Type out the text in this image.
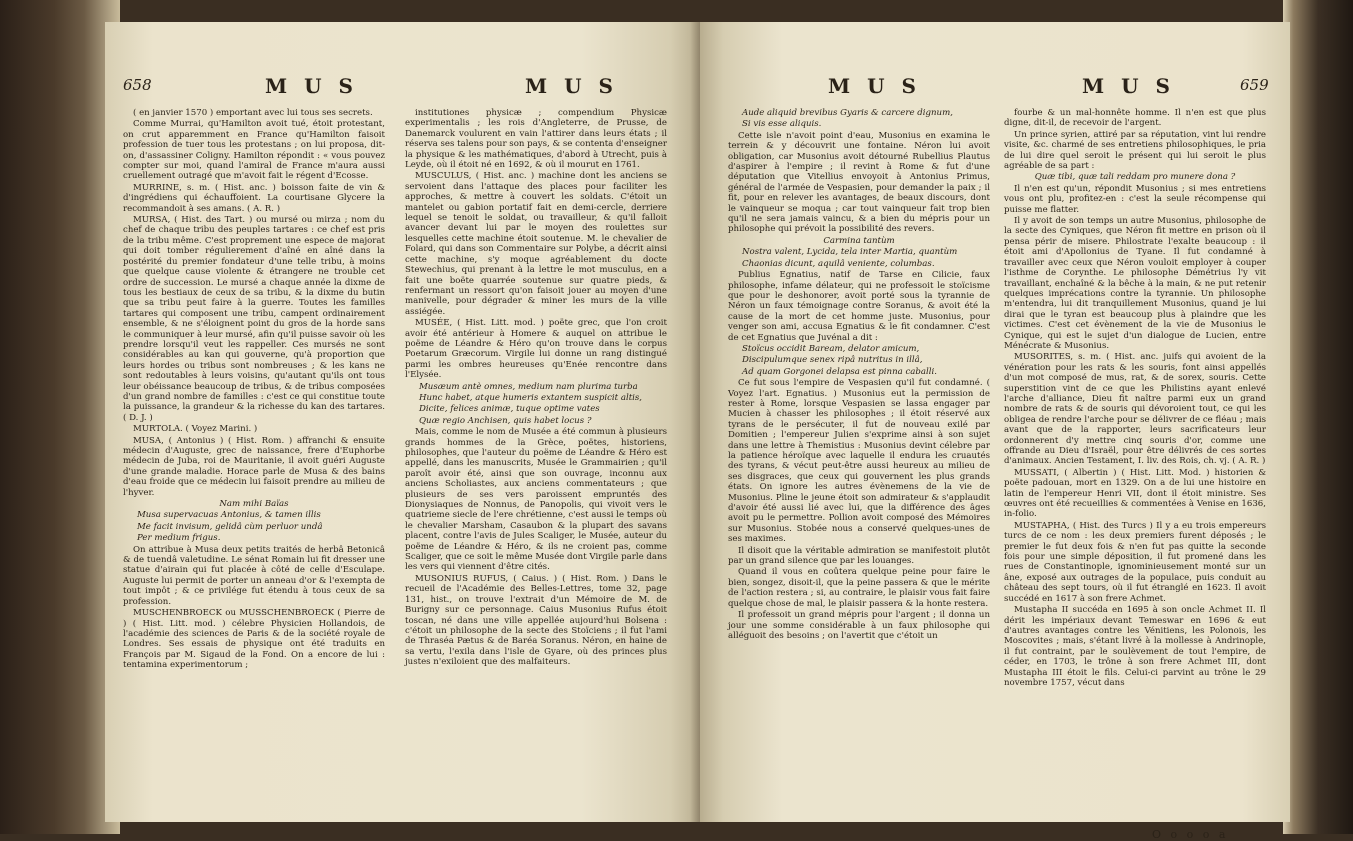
658	M U S	M U S

( en janvier 1570 ) emportant avec lui tous ses secrets.

Comme Murrai, qu'Hamilton avoit tué, étoit protestant, on crut apparemment en France qu'Hamilton faisoit profession de tuer tous les protestans ; on lui proposa, dit-on, d'assassiner Coligny. Hamilton répondit : « vous pouvez compter sur moi, quand l'amiral de France m'aura aussi cruellement outragé que m'avoit fait le régent d'Ecosse.

MURRINE, s. m. ( Hist. anc. ) boisson faite de vin & d'ingrédiens qui échauffoient. La courtisane Glycere la recommandoit à ses amans. ( A. R. )

MURSA, ( Hist. des Tart. ) ou mursé ou mirza ; nom du chef de chaque tribu des peuples tartares : ce chef est pris de la tribu même. C'est proprement une espece de majorat qui doit tomber régulierement d'aîné en aîné dans la postérité du premier fondateur d'une telle tribu, à moins que quelque cause violente & étrangere ne trouble cet ordre de succession. Le mursé a chaque année la dixme de tous les bestiaux de ceux de sa tribu, & la dixme du butin que sa tribu peut faire à la guerre. Toutes les familles tartares qui composent une tribu, campent ordinairement ensemble, & ne s'éloignent point du gros de la horde sans le communiquer à leur mursé, afin qu'il puisse savoir où les prendre lorsqu'il veut les rappeller. Ces mursés ne sont considérables au kan qui gouverne, qu'à proportion que leurs hordes ou tribus sont nombreuses ; & les kans ne sont redoutables à leurs voisins, qu'autant qu'ils ont tous leur obéissance beaucoup de tribus, & de tribus composées d'un grand nombre de familles : c'est ce qui constitue toute la puissance, la grandeur & la richesse du kan des tartares. ( D. J. )

MURTOLA. ( Voyez Marini. )

MUSA, ( Antonius ) ( Hist. Rom. ) affranchi & ensuite médecin d'Auguste, grec de naissance, frere d'Euphorbe médecin de Juba, roi de Mauritanie, il avoit guéri Auguste d'une grande maladie. Horace parle de Musa & des bains d'eau froide que ce médecin lui faisoit prendre au milieu de l'hyver.

Nam mihi Baïas

Musa supervacuas Antonius, & tamen illis

Me facit invisum, gelidâ cùm perluor undâ

Per medium frigus.

On attribue à Musa deux petits traités de herbâ Betonicâ & de tuendâ valetudine. Le sénat Romain lui fit dresser une statue d'airain qui fut placée à côté de celle d'Esculape. Auguste lui permit de porter un anneau d'or & l'exempta de tout impôt ; & ce privilége fut étendu à tous ceux de sa profession.

MUSCHENBROECK ou MUSSCHENBROECK ( Pierre de ) ( Hist. Litt. mod. ) célebre Physicien Hollandois, de l'académie des sciences de Paris & de la société royale de Londres. Ses essais de physique ont été traduits en François par M. Sigaud de la Fond. On a encore de lui : tentamina experimentorum ;

institutiones physicæ ; compendium Physicæ experimentalis ; les rois d'Angleterre, de Prusse, de Danemarck voulurent en vain l'attirer dans leurs états ; il réserva ses talens pour son pays, & se contenta d'enseigner la physique & les mathématiques, d'abord à Utrecht, puis à Leyde, où il étoit né en 1692, & où il mourut en 1761.

MUSCULUS, ( Hist. anc. ) machine dont les anciens se servoient dans l'attaque des places pour faciliter les approches, & mettre à couvert les soldats. C'étoit un mantelet ou gabion portatif fait en demi-cercle, derriere lequel se tenoit le soldat, ou travailleur, & qu'il falloit avancer devant lui par le moyen des roulettes sur lesquelles cette machine étoit soutenue. M. le chevalier de Folard, qui dans son Commentaire sur Polybe, a décrit ainsi cette machine, s'y moque agréablement du docte Stewechius, qui prenant à la lettre le mot musculus, en a fait une boëte quarrée soutenue sur quatre pieds, & renfermant un ressort qu'on faisoit jouer au moyen d'une manivelle, pour dégrader & miner les murs de la ville assiégée.

MUSÉE, ( Hist. Litt. mod. ) poëte grec, que l'on croit avoir été antérieur à Homere & auquel on attribue le poëme de Léandre & Héro qu'on trouve dans le corpus Poetarum Græcorum. Virgile lui donne un rang distingué parmi les ombres heureuses qu'Enée rencontre dans l'Elysée.

Musæum antè omnes, medium nam plurima turba

Hunc habet, atque humeris extantem suspicit altis,

Dicite, felices animæ, tuque optime vates

Quæ regio Anchisen, quis habet locus ?

Mais, comme le nom de Musée a été commun à plusieurs grands hommes de la Grèce, poëtes, historiens, philosophes, que l'auteur du poëme de Léandre & Héro est appellé, dans les manuscrits, Musée le Grammairien ; qu'il paroît avoir été, ainsi que son ouvrage, inconnu aux anciens Scholiastes, aux anciens commentateurs ; que plusieurs de ses vers paroissent empruntés des Dionysiaques de Nonnus, de Panopolis, qui vivoit vers le quatrieme siecle de l'ere chrétienne, c'est aussi le temps où le chevalier Marsham, Casaubon & la plupart des savans placent, contre l'avis de Jules Scaliger, le Musée, auteur du poëme de Léandre & Héro, & ils ne croient pas, comme Scaliger, que ce soit le même Musée dont Virgile parle dans les vers qui viennent d'être cités.

MUSONIUS RUFUS, ( Caius. ) ( Hist. Rom. ) Dans le recueil de l'Académie des Belles-Lettres, tome 32, page 131, hist., on trouve l'extrait d'un Mémoire de M. de Burigny sur ce personnage. Caius Musonius Rufus étoit toscan, né dans une ville appellée aujourd'hui Bolsena : c'étoit un philosophe de la secte des Stoïciens ; il fut l'ami de Thraséa Pætus & de Baréa Soranus. Néron, en haine de sa vertu, l'exila dans l'isle de Gyare, où des princes plus justes n'exiloient que des malfaiteurs.

M U S	M U S	659

Aude aliquid brevibus Gyaris & carcere dignum,

Si vis esse aliquis.

Cette isle n'avoit point d'eau, Musonius en examina le terrein & y découvrit une fontaine. Néron lui avoit obligation, car Musonius avoit détourné Rubellius Plautus d'aspirer à l'empire ; il revint à Rome & fut d'une députation que Vitellius envoyoit à Antonius Primus, général de l'armée de Vespasien, pour demander la paix ; il fit, pour en relever les avantages, de beaux discours, dont le vainqueur se moqua ; car tout vainqueur fait trop bien qu'il ne sera jamais vaincu, & a bien du mépris pour un philosophe qui prévoit la possibilité des revers.

Carmina tantùm

Nostra valent, Lycida, tela inter Martia, quantùm

Chaonias dicunt, aquilâ veniente, columbas.

Publius Egnatius, natif de Tarse en Cilicie, faux philosophe, infame délateur, qui ne professoit le stoïcisme que pour le deshonorer, avoit porté sous la tyrannie de Néron un faux témoignage contre Soranus, & avoit été la cause de la mort de cet homme juste. Musonius, pour venger son ami, accusa Egnatius & le fit condamner. C'est de cet Egnatius que Juvénal a dit :

Stoïcus occidit Baream, delator amicum,

Discipulumque senex ripâ nutritus in illâ,

Ad quam Gorgonei delapsa est pinna caballi.

Ce fut sous l'empire de Vespasien qu'il fut condamné. ( Voyez l'art. Egnatius. ) Musonius eut la permission de rester à Rome, lorsque Vespasien se lassa engager par Mucien à chasser les philosophes ; il étoit réservé aux tyrans de le persécuter, il fut de nouveau exilé par Domitien ; l'empereur Julien s'exprime ainsi à son sujet dans une lettre à Themistius : Musonius devint célebre par la patience héroïque avec laquelle il endura les cruautés des tyrans, & vécut peut-être aussi heureux au milieu de ses disgraces, que ceux qui gouvernent les plus grands états. On ignore les autres évènemens de la vie de Musonius. Pline le jeune étoit son admirateur & s'applaudit d'avoir été aussi lié avec lui, que la différence des âges avoit pu le permettre. Pollion avoit composé des Mémoires sur Musonius. Stobée nous a conservé quelques-unes de ses maximes.

Il disoit que la véritable admiration se manifestoit plutôt par un grand silence que par les louanges.

Quand il vous en coûtera quelque peine pour faire le bien, songez, disoit-il, que la peine passera & que le mérite de l'action restera ; si, au contraire, le plaisir vous fait faire quelque chose de mal, le plaisir passera & la honte restera.

Il professoit un grand mépris pour l'argent ; il donna un jour une somme considérable à un faux philosophe qui alléguoit des besoins ; on l'avertit que c'étoit un

fourbe & un mal-honnête homme. Il n'en est que plus digne, dit-il, de recevoir de l'argent.

Un prince syrien, attiré par sa réputation, vint lui rendre visite, &c. charmé de ses entretiens philosophiques, le pria de lui dire quel seroit le présent qui lui seroit le plus agréable de sa part :

Quæ tibi, quæ tali reddam pro munere dona ?

Il n'en est qu'un, répondit Musonius ; si mes entretiens vous ont plu, profitez-en : c'est la seule récompense qui puisse me flatter.

Il y avoit de son temps un autre Musonius, philosophe de la secte des Cyniques, que Néron fit mettre en prison où il pensa périr de misere. Philostrate l'exalte beaucoup : il étoit ami d'Apollonius de Tyane. Il fut condamné à travailler avec ceux que Néron vouloit employer à couper l'isthme de Corynthe. Le philosophe Démétrius l'y vit travaillant, enchaîné & la bêche à la main, & ne put retenir quelques imprécations contre la tyrannie. Un philosophe m'entendra, lui dit tranquillement Musonius, quand je lui dirai que le tyran est beaucoup plus à plaindre que les victimes. C'est cet évènement de la vie de Musonius le Cynique, qui est le sujet d'un dialogue de Lucien, entre Ménécrate & Musonius.

MUSORITES, s. m. ( Hist. anc. juifs qui avoient de la vénération pour les rats & les souris, font ainsi appellés d'un mot composé de mus, rat, & de sorex, souris. Cette superstition vint de ce que les Philistins ayant enlevé l'arche d'alliance, Dieu fit naître parmi eux un grand nombre de rats & de souris qui dévoroient tout, ce qui les obligea de rendre l'arche pour se délivrer de ce fléau ; mais avant que de la rapporter, leurs sacrificateurs leur ordonnerent d'y mettre cinq souris d'or, comme une offrande au Dieu d'Israël, pour être délivrés de ces sortes d'animaux. Ancien Testament, I. liv. des Rois, ch. vj. ( A. R. )

MUSSATI, ( Albertin ) ( Hist. Litt. Mod. ) historien & poëte padouan, mort en 1329. On a de lui une histoire en latin de l'empereur Henri VII, dont il étoit ministre. Ses œuvres ont été recueillies & commentées à Venise en 1636, in-folio.

MUSTAPHA, ( Hist. des Turcs ) Il y a eu trois empereurs turcs de ce nom : les deux premiers furent déposés ; le premier le fut deux fois & n'en fut pas quitte la seconde fois pour une simple déposition, il fut promené dans les rues de Constantinople, ignominieusement monté sur un âne, exposé aux outrages de la populace, puis conduit au château des sept tours, où il fut étranglé en 1623. Il avoit succédé en 1617 à son frere Achmet.

Mustapha II succéda en 1695 à son oncle Achmet II. Il dérit les impériaux devant Temeswar en 1696 & eut d'autres avantages contre les Vénitiens, les Polonois, les Moscovites ; mais, s'étant livré à la mollesse à Andrinople, il fut contraint, par le soulèvement de tout l'empire, de céder, en 1703, le trône à son frere Achmet III, dont Mustapha III étoit le fils. Celui-ci parvint au trône le 29 novembre 1757, vécut dans

O o o o a
